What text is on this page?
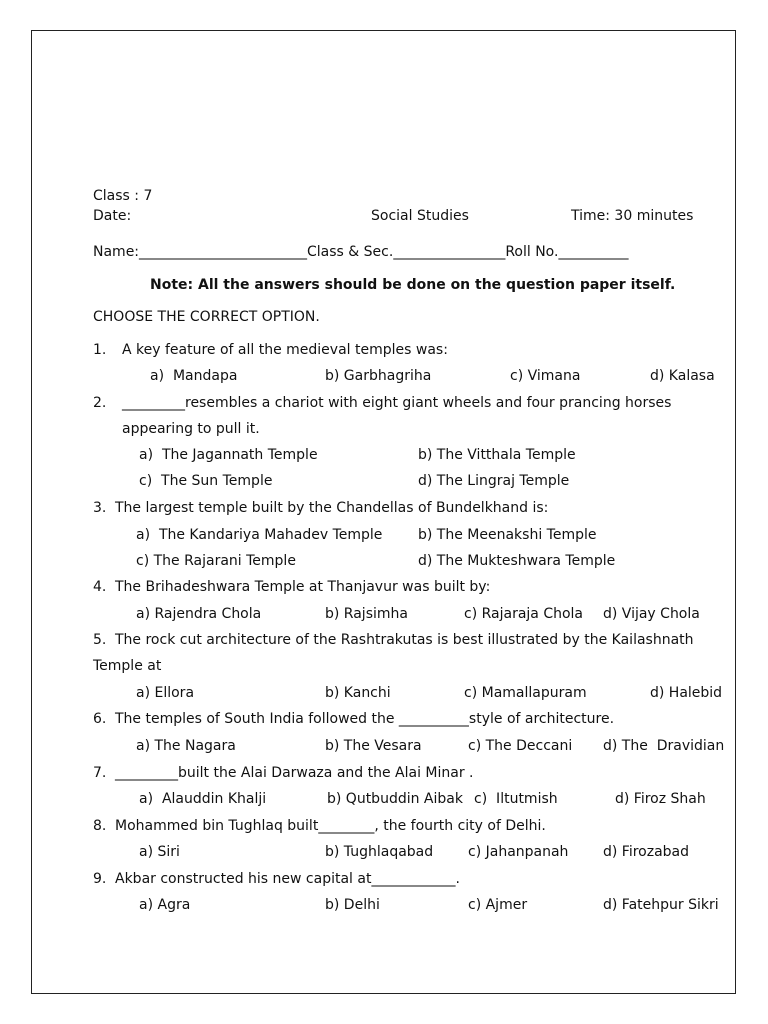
Class : 7
Date:	Social Studies	Time: 30 minutes
Name:________________________Class & Sec.________________Roll No.__________
Note: All the answers should be done on the question paper itself.
CHOOSE THE CORRECT OPTION.
1. A key feature of all the medieval temples was:
a)  Mandapa	b) Garbhagriha	c) Vimana	d) Kalasa
2. _________resembles a chariot with eight giant wheels and four prancing horses
appearing to pull it.
a)  The Jagannath Temple	b) The Vitthala Temple
c)  The Sun Temple	d) The Lingraj Temple
3. The largest temple built by the Chandellas of Bundelkhand is:
a)  The Kandariya Mahadev Temple	b) The Meenakshi Temple
c) The Rajarani Temple	d) The Mukteshwara Temple
4. The Brihadeshwara Temple at Thanjavur was built by:
a) Rajendra Chola	b) Rajsimha	c) Rajaraja Chola d) Vijay Chola
5. The rock cut architecture of the Rashtrakutas is best illustrated by the Kailashnath
Temple at
a) Ellora	b) Kanchi	c) Mamallapuram	d) Halebid
6. The temples of South India followed the __________style of architecture.
a) The Nagara	b) The Vesara	c) The Deccani d) The  Dravidian
7. _________built the Alai Darwaza and the Alai Minar .
a)  Alauddin Khalji	b) Qutbuddin Aibak c)  Iltutmish	d) Firoz Shah
8. Mohammed bin Tughlaq built________, the fourth city of Delhi.
a) Siri	b) Tughlaqabad c) Jahanpanah d) Firozabad
9. Akbar constructed his new capital at____________.
a) Agra	b) Delhi	c) Ajmer	d) Fatehpur Sikri
